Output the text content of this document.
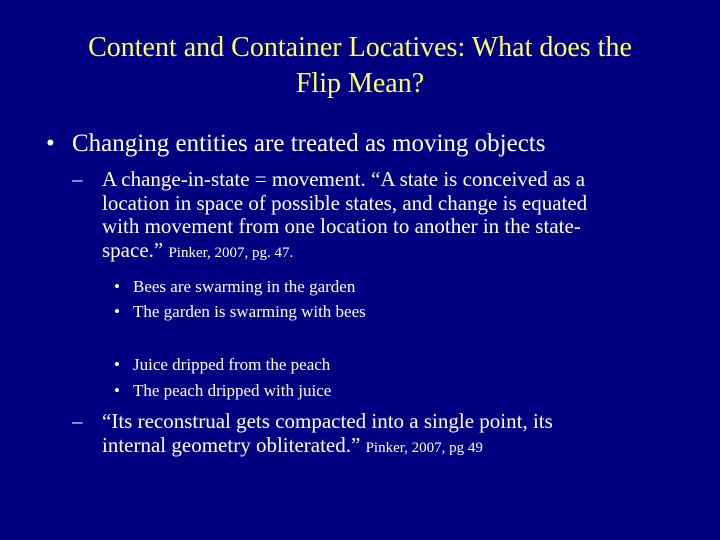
Content and Container Locatives: What does the
Flip Mean?
• Changing entities are treated as moving objects
– A change-in-state = movement. “A state is conceived as a
location in space of possible states, and change is equated
with movement from one location to another in the state-
space.” Pinker, 2007, pg. 47.
• Bees are swarming in the garden
• The garden is swarming with bees
• Juice dripped from the peach
• The peach dripped with juice
– “Its reconstrual gets compacted into a single point, its
internal geometry obliterated.” Pinker, 2007, pg 49
